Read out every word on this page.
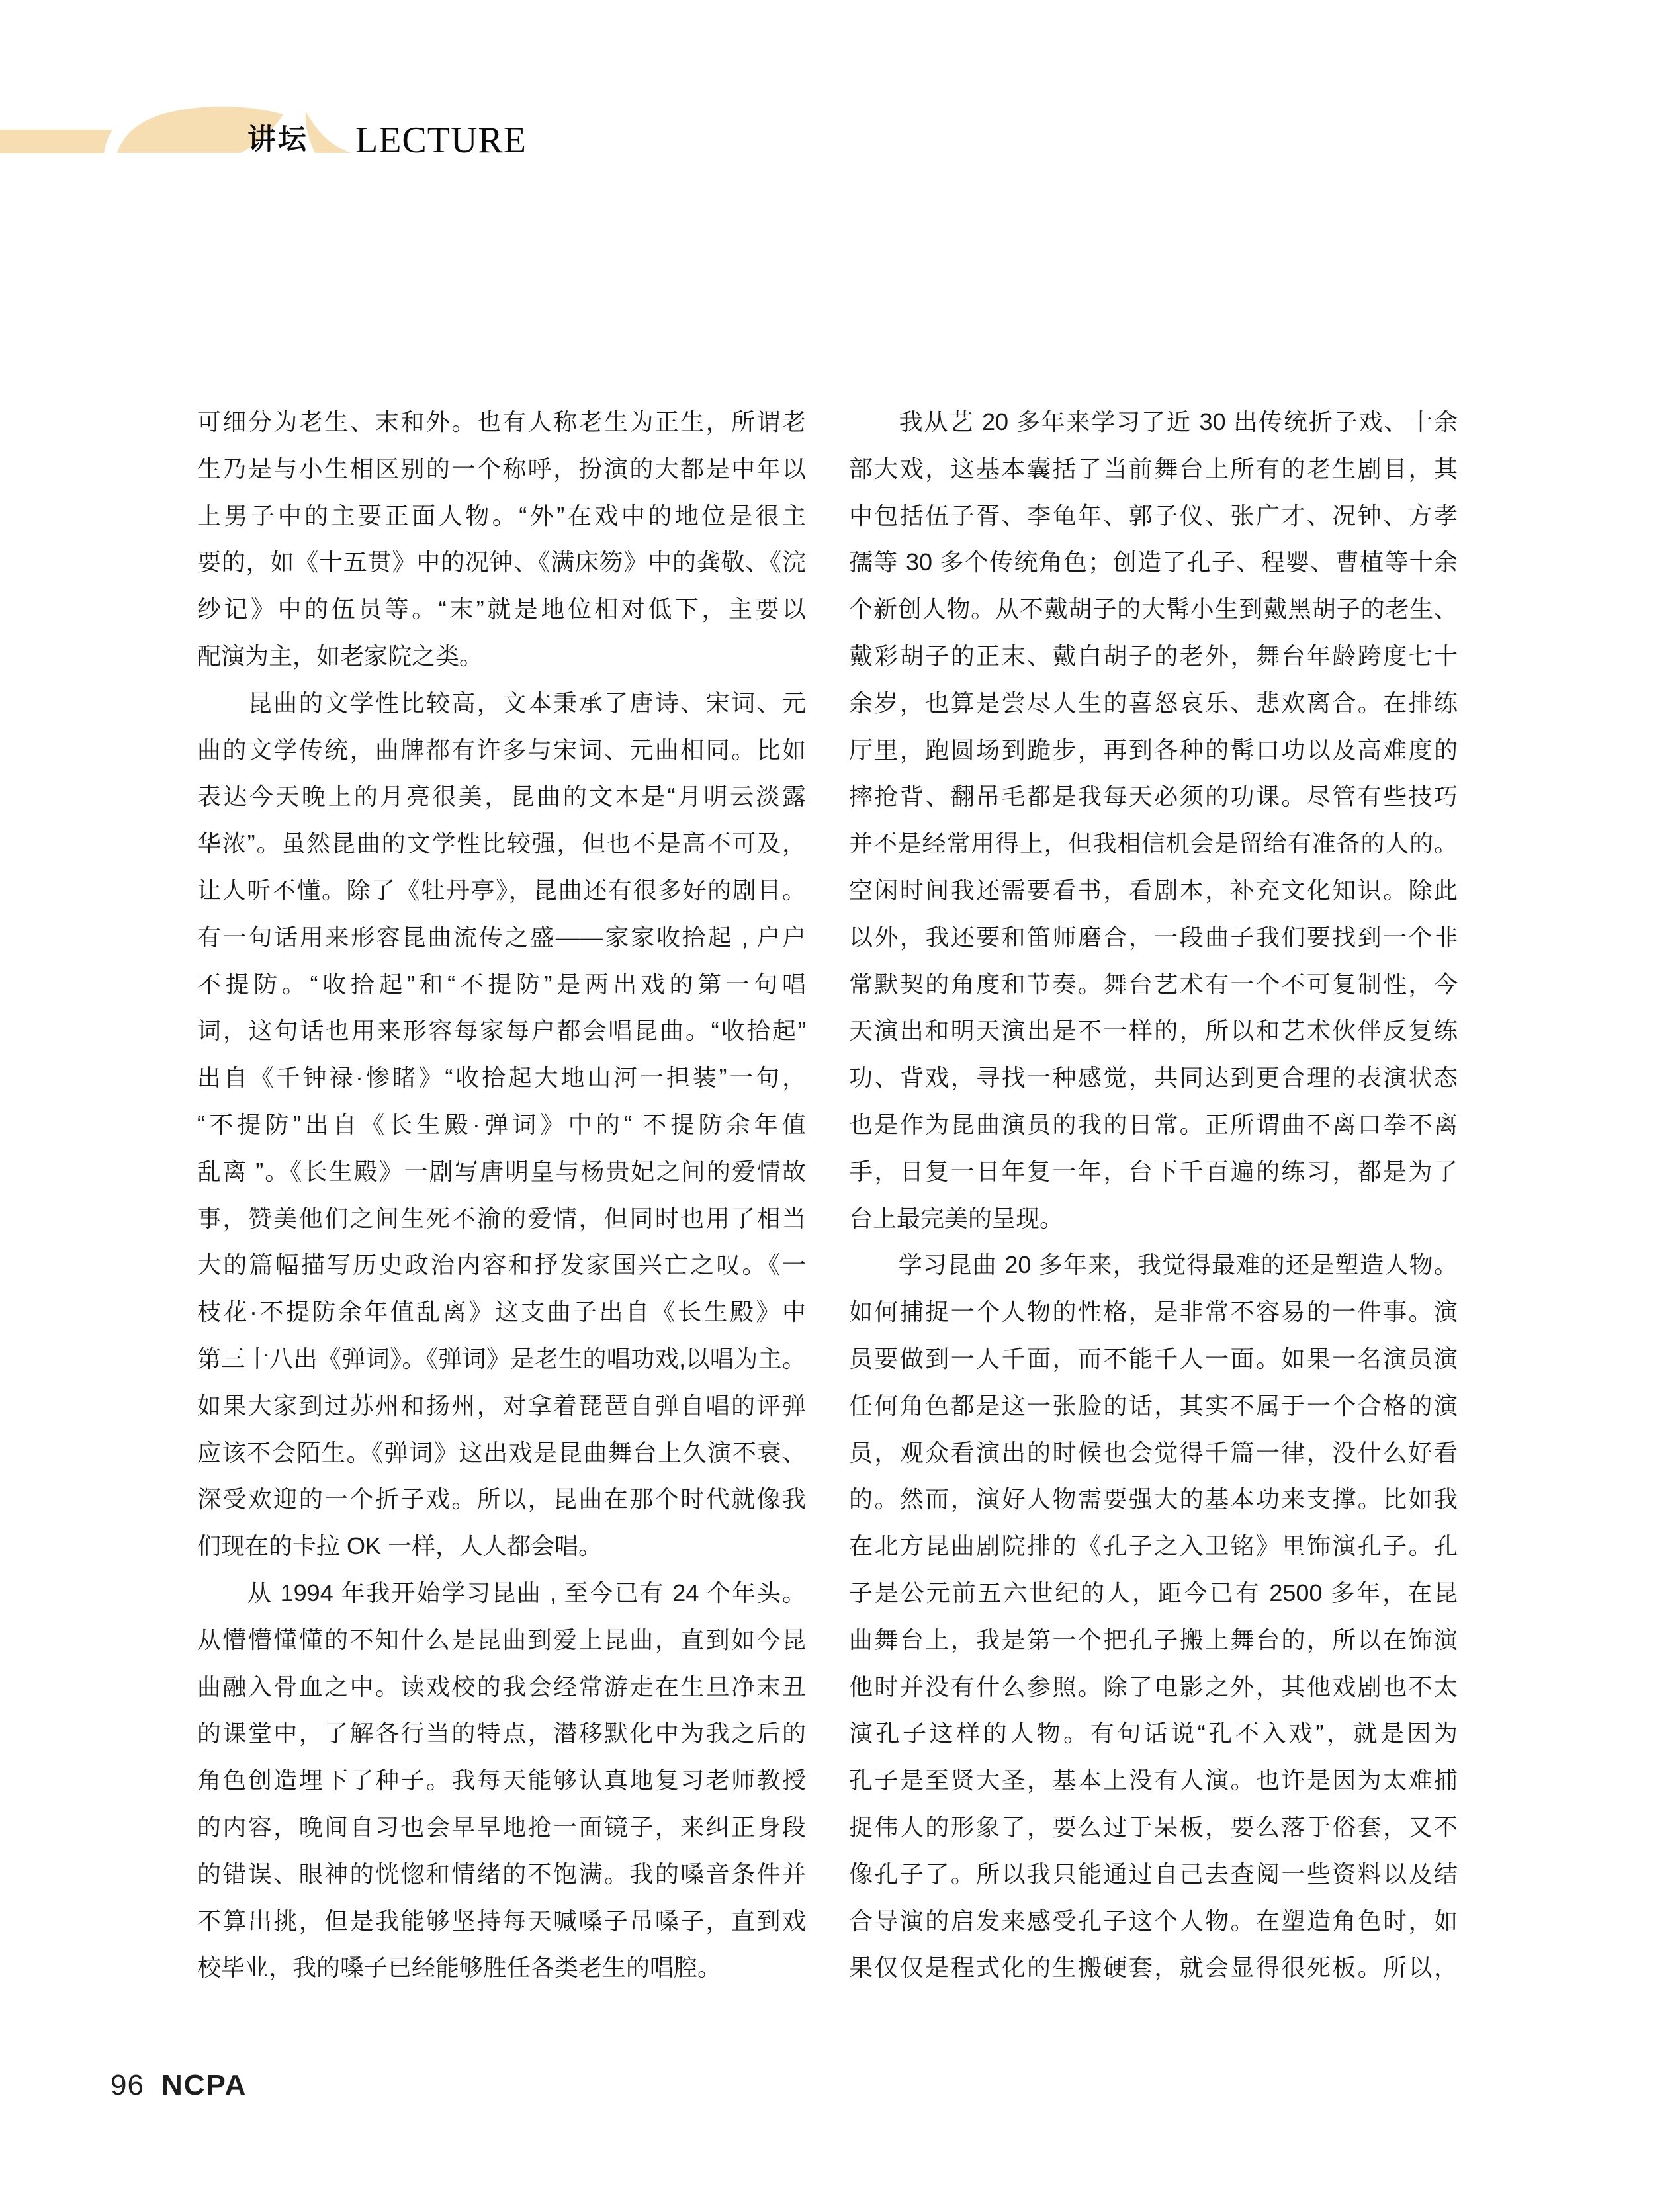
讲坛 LECTURE
可细分为老生、末和外。也有人称老生为正生，所谓老
生乃是与小生相区别的一个称呼，扮演的大都是中年以
上男子中的主要正面人物。“外”在戏中的地位是很主
要的，如《十五贯》中的况钟、《满床笏》中的龚敬、《浣
纱记》中的伍员等。“末”就是地位相对低下，主要以
配演为主，如老家院之类。
　　昆曲的文学性比较高，文本秉承了唐诗、宋词、元
曲的文学传统，曲牌都有许多与宋词、元曲相同。比如
表达今天晚上的月亮很美，昆曲的文本是“月明云淡露
华浓”。虽然昆曲的文学性比较强，但也不是高不可及，
让人听不懂。除了《牡丹亭》，昆曲还有很多好的剧目。
有一句话用来形容昆曲流传之盛——家家收拾起 , 户户
不提防。“收拾起”和“不提防”是两出戏的第一句唱
词，这句话也用来形容每家每户都会唱昆曲。“收拾起”
出自《千钟禄·惨睹》“收拾起大地山河一担装”一句，
“不提防”出自《长生殿·弹词》中的“ 不提防余年值
乱离 ”。《长生殿》一剧写唐明皇与杨贵妃之间的爱情故
事，赞美他们之间生死不渝的爱情，但同时也用了相当
大的篇幅描写历史政治内容和抒发家国兴亡之叹。《一
枝花·不提防余年值乱离》这支曲子出自《长生殿》中
第三十八出《弹词》。《弹词》是老生的唱功戏,以唱为主。
如果大家到过苏州和扬州，对拿着琵琶自弹自唱的评弹
应该不会陌生。《弹词》这出戏是昆曲舞台上久演不衰、
深受欢迎的一个折子戏。所以，昆曲在那个时代就像我
们现在的卡拉 OK 一样，人人都会唱。
　　从 1994 年我开始学习昆曲 , 至今已有 24 个年头。
从懵懵懂懂的不知什么是昆曲到爱上昆曲，直到如今昆
曲融入骨血之中。读戏校的我会经常游走在生旦净末丑
的课堂中，了解各行当的特点，潜移默化中为我之后的
角色创造埋下了种子。我每天能够认真地复习老师教授
的内容，晚间自习也会早早地抢一面镜子，来纠正身段
的错误、眼神的恍惚和情绪的不饱满。我的嗓音条件并
不算出挑，但是我能够坚持每天喊嗓子吊嗓子，直到戏
校毕业，我的嗓子已经能够胜任各类老生的唱腔。
　　我从艺 20 多年来学习了近 30 出传统折子戏、十余
部大戏，这基本囊括了当前舞台上所有的老生剧目，其
中包括伍子胥、李龟年、郭子仪、张广才、况钟、方孝
孺等 30 多个传统角色；创造了孔子、程婴、曹植等十余
个新创人物。从不戴胡子的大髯小生到戴黑胡子的老生、
戴彩胡子的正末、戴白胡子的老外，舞台年龄跨度七十
余岁，也算是尝尽人生的喜怒哀乐、悲欢离合。在排练
厅里，跑圆场到跪步，再到各种的髯口功以及高难度的
摔抢背、翻吊毛都是我每天必须的功课。尽管有些技巧
并不是经常用得上，但我相信机会是留给有准备的人的。
空闲时间我还需要看书，看剧本，补充文化知识。除此
以外，我还要和笛师磨合，一段曲子我们要找到一个非
常默契的角度和节奏。舞台艺术有一个不可复制性，今
天演出和明天演出是不一样的，所以和艺术伙伴反复练
功、背戏，寻找一种感觉，共同达到更合理的表演状态
也是作为昆曲演员的我的日常。正所谓曲不离口拳不离
手，日复一日年复一年，台下千百遍的练习，都是为了
台上最完美的呈现。
　　学习昆曲 20 多年来，我觉得最难的还是塑造人物。
如何捕捉一个人物的性格，是非常不容易的一件事。演
员要做到一人千面，而不能千人一面。如果一名演员演
任何角色都是这一张脸的话，其实不属于一个合格的演
员，观众看演出的时候也会觉得千篇一律，没什么好看
的。然而，演好人物需要强大的基本功来支撑。比如我
在北方昆曲剧院排的《孔子之入卫铭》里饰演孔子。孔
子是公元前五六世纪的人，距今已有 2500 多年，在昆
曲舞台上，我是第一个把孔子搬上舞台的，所以在饰演
他时并没有什么参照。除了电影之外，其他戏剧也不太
演孔子这样的人物。有句话说“孔不入戏”，就是因为
孔子是至贤大圣，基本上没有人演。也许是因为太难捕
捉伟人的形象了，要么过于呆板，要么落于俗套，又不
像孔子了。所以我只能通过自己去查阅一些资料以及结
合导演的启发来感受孔子这个人物。在塑造角色时，如
果仅仅是程式化的生搬硬套，就会显得很死板。所以，
96 NCPA
